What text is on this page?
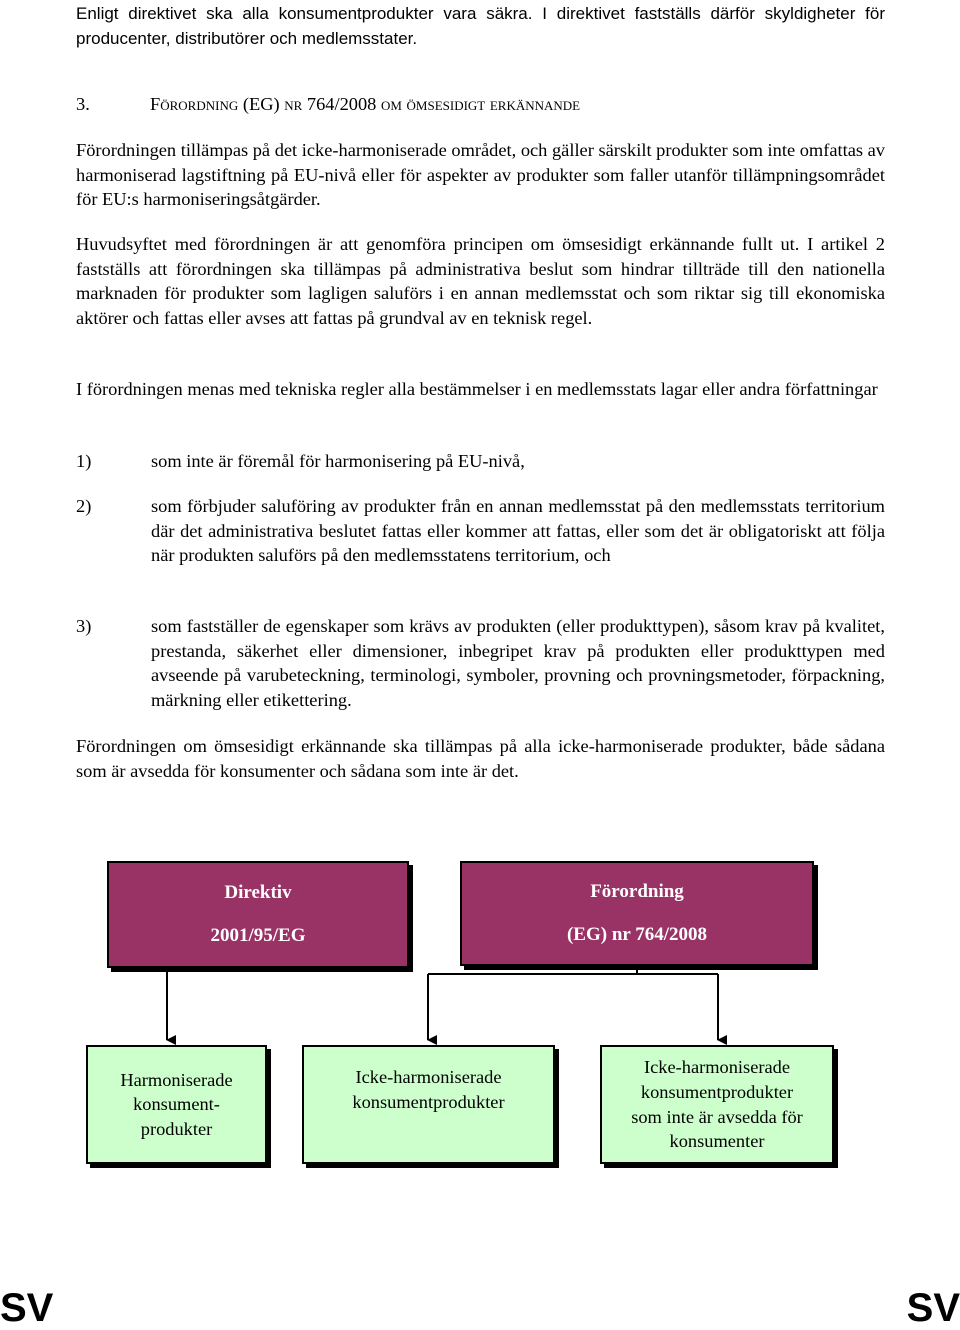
Enligt direktivet ska alla konsumentprodukter vara säkra. I direktivet fastställs därför skyldigheter för producenter, distributörer och medlemsstater.

3.	Förordning (EG) nr 764/2008 om ömsesidigt erkännande

Förordningen tillämpas på det icke-harmoniserade området, och gäller särskilt produkter som inte omfattas av harmoniserad lagstiftning på EU-nivå eller för aspekter av produkter som faller utanför tillämpningsområdet för EU:s harmoniseringsåtgärder.

Huvudsyftet med förordningen är att genomföra principen om ömsesidigt erkännande fullt ut. I artikel 2 fastställs att förordningen ska tillämpas på administrativa beslut som hindrar tillträde till den nationella marknaden för produkter som lagligen saluförs i en annan medlemsstat och som riktar sig till ekonomiska aktörer och fattas eller avses att fattas på grundval av en teknisk regel.

I förordningen menas med tekniska regler alla bestämmelser i en medlemsstats lagar eller andra författningar

1)	som inte är föremål för harmonisering på EU-nivå,
2)	som förbjuder saluföring av produkter från en annan medlemsstat på den medlemsstats territorium där det administrativa beslutet fattas eller kommer att fattas, eller som det är obligatoriskt att följa när produkten saluförs på den medlemsstatens territorium, och
3)	som fastställer de egenskaper som krävs av produkten (eller produkttypen), såsom krav på kvalitet, prestanda, säkerhet eller dimensioner, inbegripet krav på produkten eller produkttypen med avseende på varubeteckning, terminologi, symboler, provning och provningsmetoder, förpackning, märkning eller etikettering.

Förordningen om ömsesidigt erkännande ska tillämpas på alla icke-harmoniserade produkter, både sådana som är avsedda för konsumenter och sådana som inte är det.

Direktiv
2001/95/EG
Förordning
(EG) nr 764/2008
Harmoniserade
konsument-
produkter
Icke-harmoniserade
konsumentprodukter
Icke-harmoniserade
konsumentprodukter
som inte är avsedda för
konsumenter
SV	SV
